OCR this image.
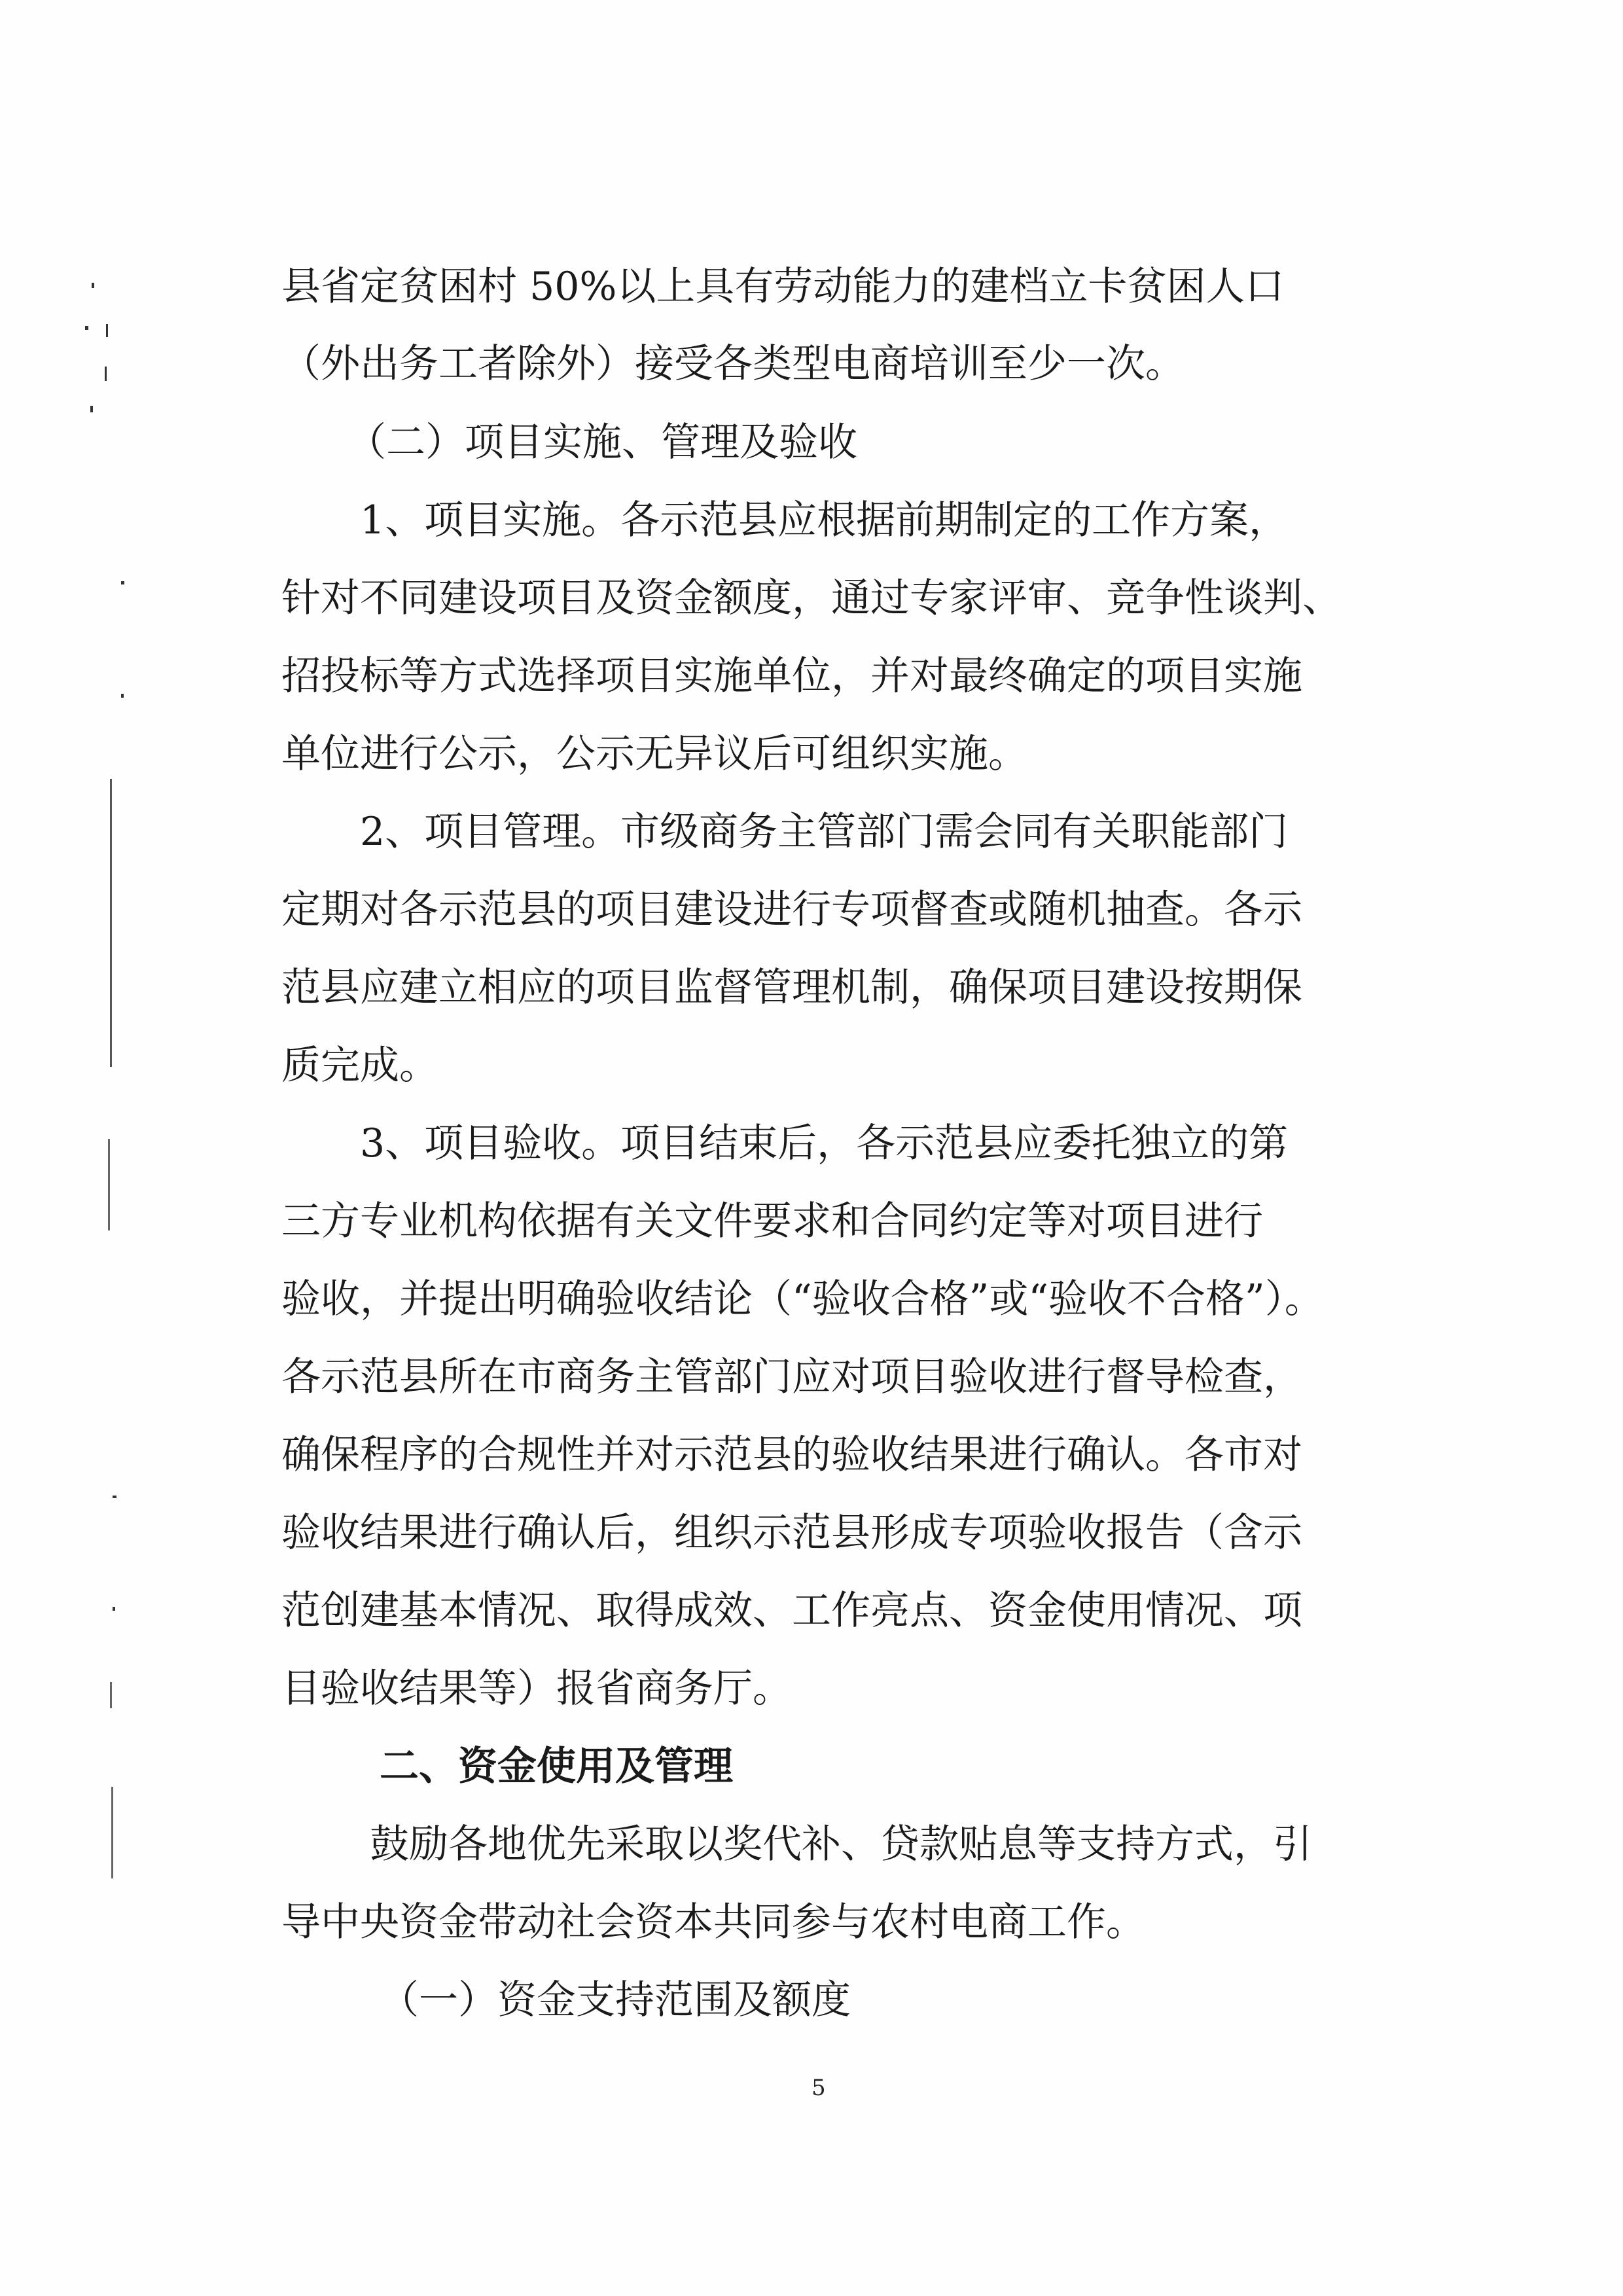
县省定贫困村 50%以上具有劳动能力的建档立卡贫困人口
（外出务工者除外）接受各类型电商培训至少一次。
（二）项目实施、管理及验收
1、项目实施。各示范县应根据前期制定的工作方案，
针对不同建设项目及资金额度，通过专家评审、竞争性谈判、
招投标等方式选择项目实施单位，并对最终确定的项目实施
单位进行公示，公示无异议后可组织实施。
2、项目管理。市级商务主管部门需会同有关职能部门
定期对各示范县的项目建设进行专项督查或随机抽查。各示
范县应建立相应的项目监督管理机制，确保项目建设按期保
质完成。
3、项目验收。项目结束后，各示范县应委托独立的第
三方专业机构依据有关文件要求和合同约定等对项目进行
验收，并提出明确验收结论（“验收合格”或“验收不合格”）。
各示范县所在市商务主管部门应对项目验收进行督导检查，
确保程序的合规性并对示范县的验收结果进行确认。各市对
验收结果进行确认后，组织示范县形成专项验收报告（含示
范创建基本情况、取得成效、工作亮点、资金使用情况、项
目验收结果等）报省商务厅。
二、资金使用及管理
鼓励各地优先采取以奖代补、贷款贴息等支持方式，引
导中央资金带动社会资本共同参与农村电商工作。
（一）资金支持范围及额度
5
